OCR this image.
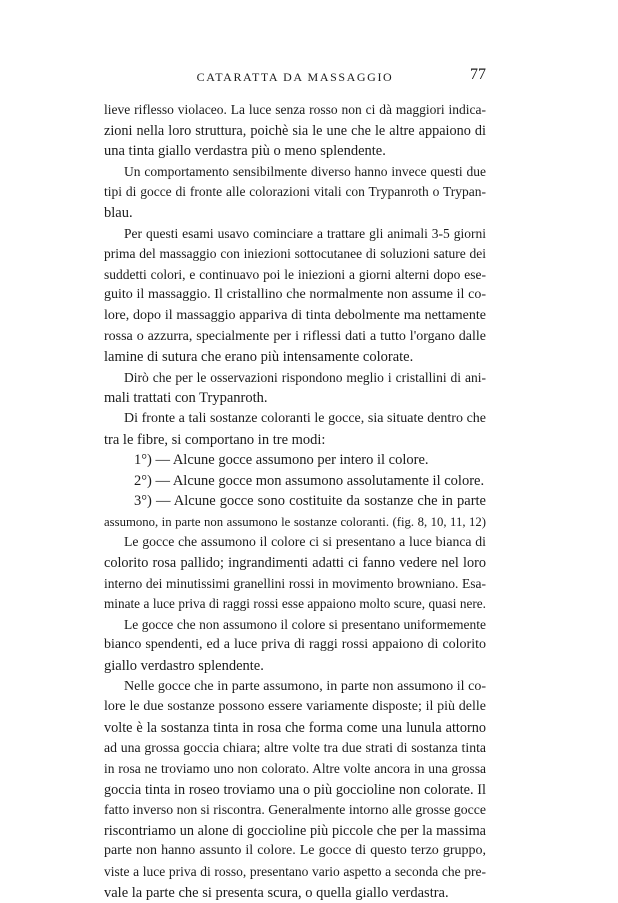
CATARATTA DA MASSAGGIO	77
lieve riflesso violaceo. La luce senza rosso non ci dà maggiori indica-
zioni nella loro struttura, poichè sia le une che le altre appaiono di
una tinta giallo verdastra più o meno splendente.
Un comportamento sensibilmente diverso hanno invece questi due
tipi di gocce di fronte alle colorazioni vitali con Trypanroth o Trypan-
blau.
Per questi esami usavo cominciare a trattare gli animali 3-5 giorni
prima del massaggio con iniezioni sottocutanee di soluzioni sature dei
suddetti colori, e continuavo poi le iniezioni a giorni alterni dopo ese-
guito il massaggio. Il cristallino che normalmente non assume il co-
lore, dopo il massaggio appariva di tinta debolmente ma nettamente
rossa o azzurra, specialmente per i riflessi dati a tutto l'organo dalle
lamine di sutura che erano più intensamente colorate.
Dirò che per le osservazioni rispondono meglio i cristallini di ani-
mali trattati con Trypanroth.
Di fronte a tali sostanze coloranti le gocce, sia situate dentro che
tra le fibre, si comportano in tre modi:
1°) — Alcune gocce assumono per intero il colore.
2°) — Alcune gocce mon assumono assolutamente il colore.
3°) — Alcune gocce sono costituite da sostanze che in parte
assumono, in parte non assumono le sostanze coloranti. (fig. 8, 10, 11, 12)
Le gocce che assumono il colore ci si presentano a luce bianca di
colorito rosa pallido; ingrandimenti adatti ci fanno vedere nel loro
interno dei minutissimi granellini rossi in movimento browniano. Esa-
minate a luce priva di raggi rossi esse appaiono molto scure, quasi nere.
Le gocce che non assumono il colore si presentano uniformemente
bianco spendenti, ed a luce priva di raggi rossi appaiono di colorito
giallo verdastro splendente.
Nelle gocce che in parte assumono, in parte non assumono il co-
lore le due sostanze possono essere variamente disposte; il più delle
volte è la sostanza tinta in rosa che forma come una lunula attorno
ad una grossa goccia chiara; altre volte tra due strati di sostanza tinta
in rosa ne troviamo uno non colorato. Altre volte ancora in una grossa
goccia tinta in roseo troviamo una o più goccioline non colorate. Il
fatto inverso non si riscontra. Generalmente intorno alle grosse gocce
riscontriamo un alone di goccioline più piccole che per la massima
parte non hanno assunto il colore. Le gocce di questo terzo gruppo,
viste a luce priva di rosso, presentano vario aspetto a seconda che pre-
vale la parte che si presenta scura, o quella giallo verdastra.
